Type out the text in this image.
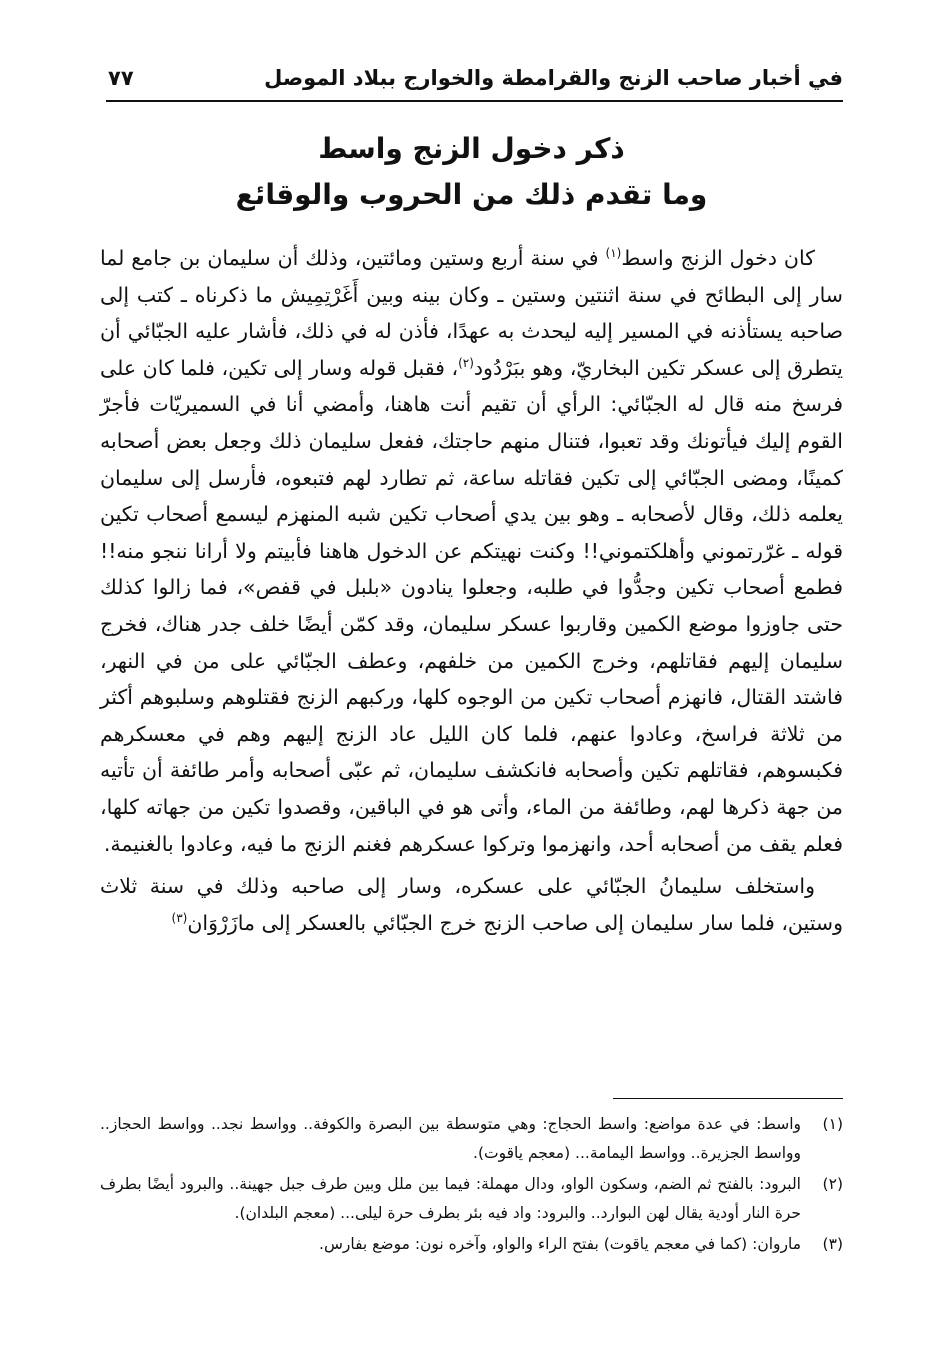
في أخبار صاحب الزنج والقرامطة والخوارج ببلاد الموصل
٧٧
ذكر دخول الزنج واسط
وما تقدم ذلك من الحروب والوقائع

كان دخول الزنج واسط$^{(١)}$ في سنة أربع وستين ومائتين، وذلك أن سليمان بن جامع لما سار إلى البطائح في سنة اثنتين وستين ـ وكان بينه وبين أَغَرْتِمِيش ما ذكرناه ـ كتب إلى صاحبه يستأذنه في المسير إليه ليحدث به عهدًا، فأذن له في ذلك، فأشار عليه الجبّائي أن يتطرق إلى عسكر تكين البخاريّ، وهو ببَرْدُود$^{(٢)}$، فقبل قوله وسار إلى تكين، فلما كان على فرسخ منه قال له الجبّائي: الرأي أن تقيم أنت هاهنا، وأمضي أنا في السميريّات فأجرّ القوم إليك فيأتونك وقد تعبوا، فتنال منهم حاجتك، ففعل سليمان ذلك وجعل بعض أصحابه كمينًا، ومضى الجبّائي إلى تكين فقاتله ساعة، ثم تطارد لهم فتبعوه، فأرسل إلى سليمان يعلمه ذلك، وقال لأصحابه ـ وهو بين يدي أصحاب تكين شبه المنهزم ليسمع أصحاب تكين قوله ـ غرّرتموني وأهلكتموني!! وكنت نهيتكم عن الدخول هاهنا فأبيتم ولا أرانا ننجو منه!! فطمع أصحاب تكين وجدُّوا في طلبه، وجعلوا ينادون «بلبل في قفص»، فما زالوا كذلك حتى جاوزوا موضع الكمين وقاربوا عسكر سليمان، وقد كمّن أيضًا خلف جدر هناك، فخرج سليمان إليهم فقاتلهم، وخرج الكمين من خلفهم، وعطف الجبّائي على من في النهر، فاشتد القتال، فانهزم أصحاب تكين من الوجوه كلها، وركبهم الزنج فقتلوهم وسلبوهم أكثر من ثلاثة فراسخ، وعادوا عنهم، فلما كان الليل عاد الزنج إليهم وهم في معسكرهم فكبسوهم، فقاتلهم تكين وأصحابه فانكشف سليمان، ثم عبّى أصحابه وأمر طائفة أن تأتيه من جهة ذكرها لهم، وطائفة من الماء، وأتى هو في الباقين، وقصدوا تكين من جهاته كلها، فعلم يقف من أصحابه أحد، وانهزموا وتركوا عسكرهم فغنم الزنج ما فيه، وعادوا بالغنيمة.

واستخلف سليمانُ الجبّائي على عسكره، وسار إلى صاحبه وذلك في سنة ثلاث وستين، فلما سار سليمان إلى صاحب الزنج خرج الجبّائي بالعسكر إلى مازَرْوَان$^{(٣)}$

(١)
واسط: في عدة مواضع: واسط الحجاج: وهي متوسطة بين البصرة والكوفة.. وواسط نجد.. وواسط الحجاز.. وواسط الجزيرة.. وواسط اليمامة... (معجم ياقوت).
(٢)
البرود: بالفتح ثم الضم، وسكون الواو، ودال مهملة: فيما بين ملل وبين طرف جبل جهينة.. والبرود أيضًا بطرف حرة النار أودية يقال لهن البوارد.. والبرود: واد فيه بئر بطرف حرة ليلى... (معجم البلدان).
(٣)
ماروان: (كما في معجم ياقوت) بفتح الراء والواو، وآخره نون: موضع بفارس.
